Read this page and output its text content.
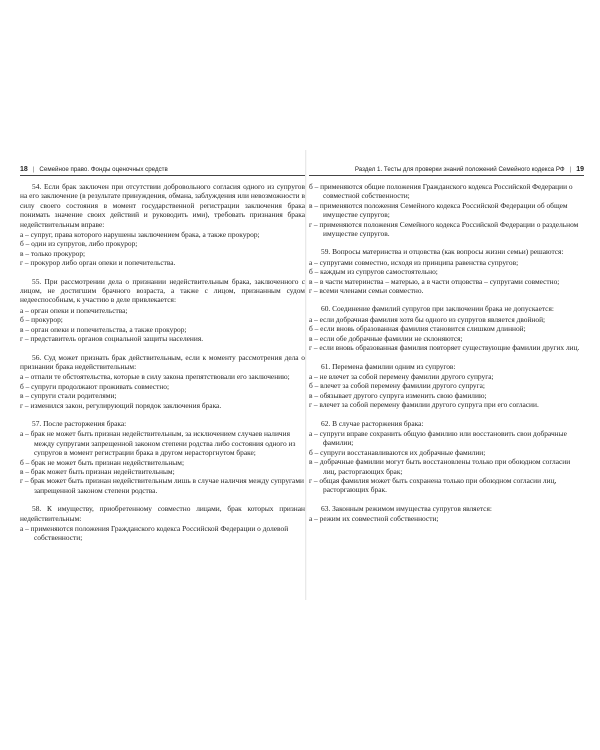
18 | Семейное право. Фонды оценочных средств
54. Если брак заключен при отсутствии добровольного согласия одного из супругов на его заключение (в результате принуждения, обмана, заблуждения или невозможности в силу своего состояния в момент государственной регистрации заключения брака понимать значение своих действий и руководить ими), требовать признания брака недействительным вправе:
а – супруг, права которого нарушены заключением брака, а также прокурор;
б – один из супругов, либо прокурор;
в – только прокурор;
г – прокурор либо орган опеки и попечительства.
55. При рассмотрении дела о признании недействительным брака, заключенного с лицом, не достигшим брачного возраста, а также с лицом, признанным судом недееспособным, к участию в деле привлекается:
а – орган опеки и попечительства;
б – прокурор;
в – орган опеки и попечительства, а также прокурор;
г – представитель органов социальной защиты населения.
56. Суд может признать брак действительным, если к моменту рассмотрения дела о признании брака недействительным:
а – отпали те обстоятельства, которые в силу закона препятствовали его заключению;
б – супруги продолжают проживать совместно;
в – супруги стали родителями;
г – изменился закон, регулирующий порядок заключения брака.
57. После расторжения брака:
а – брак не может быть признан недействительным, за исключением случаев наличия между супругами запрещенной законом степени родства либо состояния одного из супругов в момент регистрации брака в другом нерасторгнутом браке;
б – брак не может быть признан недействительным;
в – брак может быть признан недействительным;
г – брак может быть признан недействительным лишь в случае наличия между супругами запрещенной законом степени родства.
58. К имуществу, приобретенному совместно лицами, брак которых признан недействительным:
а – применяются положения Гражданского кодекса Российской Федерации о долевой собственности;
Раздел 1. Тесты для проверки знаний положений Семейного кодекса РФ | 19
б – применяются общие положения Гражданского кодекса Российской Федерации о совместной собственности;
в – применяются положения Семейного кодекса Российской Федерации об общем имуществе супругов;
г – применяются положения Семейного кодекса Российской Федерации о раздельном имуществе супругов.
59. Вопросы материнства и отцовства (как вопросы жизни семьи) решаются:
а – супругами совместно, исходя из принципа равенства супругов;
б – каждым из супругов самостоятельно;
в – в части материнства – матерью, а в части отцовства – супругами совместно;
г – всеми членами семьи совместно.
60. Соединение фамилий супругов при заключении брака не допускается:
а – если добрачная фамилия хотя бы одного из супругов является двойной;
б – если вновь образованная фамилия становится слишком длинной;
в – если обе добрачные фамилии не склоняются;
г – если вновь образованная фамилия повторяет существующие фамилии других лиц.
61. Перемена фамилии одним из супругов:
а – не влечет за собой перемену фамилии другого супруга;
б – влечет за собой перемену фамилии другого супруга;
в – обязывает другого супруга изменить свою фамилию;
г – влечет за собой перемену фамилии другого супруга при его согласии.
62. В случае расторжения брака:
а – супруги вправе сохранить общую фамилию или восстановить свои добрачные фамилии;
б – супруги восстанавливаются их добрачные фамилии;
в – добрачные фамилии могут быть восстановлены только при обоюдном согласии лиц, расторгающих брак;
г – общая фамилия может быть сохранена только при обоюдном согласии лиц, расторгающих брак.
63. Законным режимом имущества супругов является:
а – режим их совместной собственности;
